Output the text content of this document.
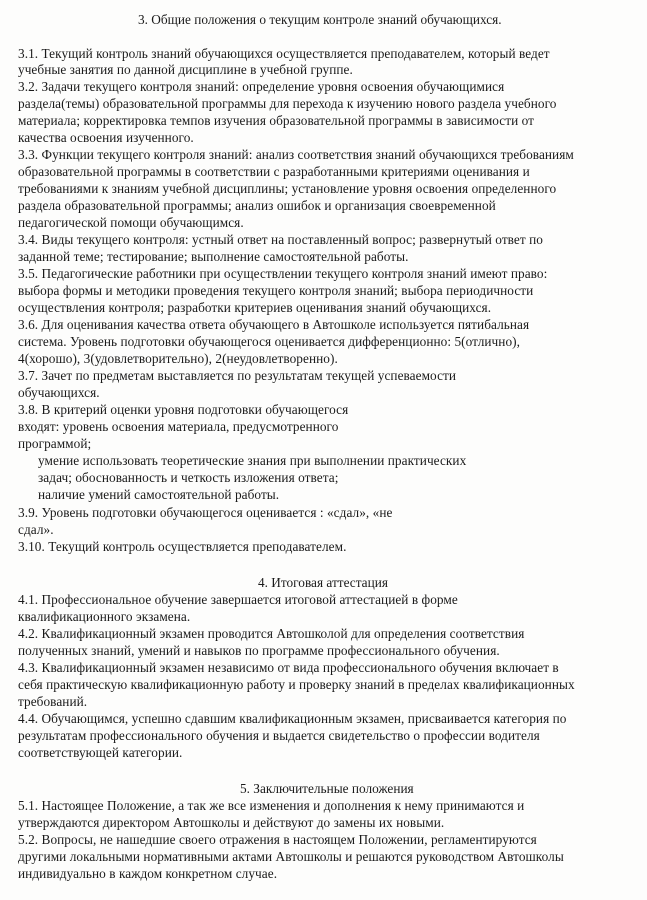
3. Общие положения о текущим контроле знаний обучающихся.
3.1. Текущий контроль знаний обучающихся осуществляется преподавателем, который ведет
учебные занятия по данной дисциплине в учебной группе.
3.2. Задачи текущего контроля знаний: определение уровня освоения обучающимися
раздела(темы) образовательной программы для перехода к изучению нового раздела учебного
материала; корректировка темпов изучения образовательной программы в зависимости от
качества освоения изученного.
3.3. Функции текущего контроля знаний: анализ соответствия знаний обучающихся требованиям
образовательной программы в соответствии с разработанными критериями оценивания и
требованиями к знаниям учебной дисциплины; установление уровня освоения определенного
раздела образовательной программы; анализ ошибок и организация своевременной
педагогической помощи обучающимся.
3.4. Виды текущего контроля: устный ответ на поставленный вопрос; развернутый ответ по
заданной теме; тестирование; выполнение самостоятельной работы.
3.5. Педагогические работники при осуществлении текущего контроля знаний имеют право:
выбора формы и методики проведения текущего контроля знаний; выбора периодичности
осуществления контроля; разработки критериев оценивания знаний обучающихся.
3.6. Для оценивания качества ответа обучающего в Автошколе используется пятибальная
система. Уровень подготовки обучающегося оценивается дифференционно: 5(отлично),
4(хорошо), 3(удовлетворительно), 2(неудовлетворенно).
3.7. Зачет по предметам выставляется по результатам текущей успеваемости
обучающихся.
3.8. В критерий оценки уровня подготовки обучающегося
входят: уровень освоения материала, предусмотренного
программой;
умение использовать теоретические знания при выполнении практических
задач; обоснованность и четкость изложения ответа;
наличие умений самостоятельной работы.
3.9. Уровень подготовки обучающегося оценивается : «сдал», «не
сдал».
3.10. Текущий контроль осуществляется преподавателем.
4. Итоговая аттестация
4.1. Профессиональное обучение завершается итоговой аттестацией в форме
квалификационного экзамена.
4.2. Квалификационный экзамен проводится Автошколой для определения соответствия
полученных знаний, умений и навыков по программе профессионального обучения.
4.3. Квалификационный экзамен независимо от вида профессионального обучения включает в
себя практическую квалификационную работу и проверку знаний в пределах квалификационных
требований.
4.4. Обучающимся, успешно сдавшим квалификационным экзамен, присваивается категория по
результатам профессионального обучения и выдается свидетельство о профессии водителя
соответствующей категории.
5. Заключительные положения
5.1. Настоящее Положение, а так же все изменения и дополнения к нему принимаются и
утверждаются директором Автошколы и действуют до замены их новыми.
5.2. Вопросы, не нашедшие своего отражения в настоящем Положении, регламентируются
другими локальными нормативными актами Автошколы и решаются руководством Автошколы
индивидуально в каждом конкретном случае.
